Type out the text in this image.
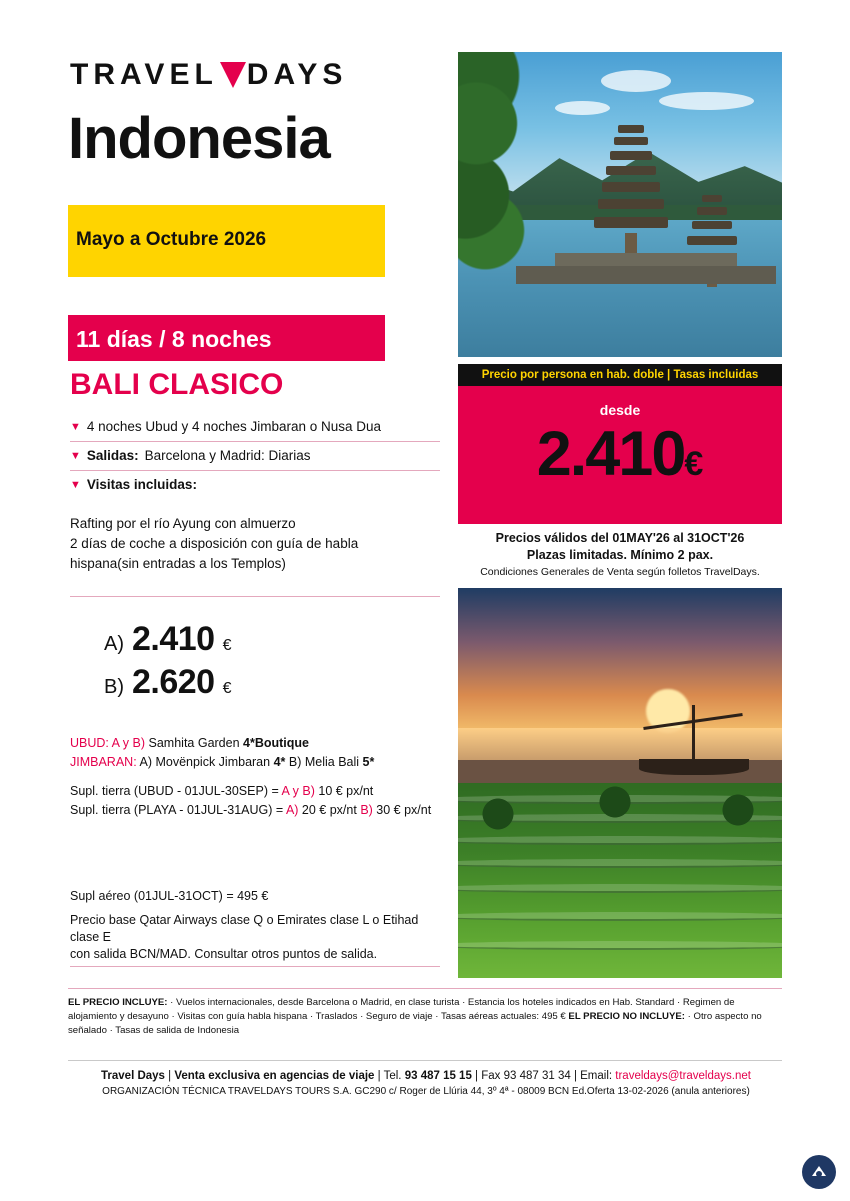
TRAVEL DAYS
Indonesia
Mayo a Octubre 2026
11 días / 8 noches
BALI CLASICO
▼ 4 noches Ubud y 4 noches Jimbaran o Nusa Dua
▼ Salidas: Barcelona y Madrid: Diarias
▼ Visitas incluidas:
Rafting por el río Ayung con almuerzo
2 días de coche a disposición con guía de habla
hispana(sin entradas a los Templos)
A) 2.410 €
B) 2.620 €
UBUD: A y B) Samhita Garden 4*Boutique
JIMBARAN: A) Movënpick Jimbaran 4* B) Melia Bali 5*
Supl. tierra (UBUD - 01JUL-30SEP) = A y B) 10 € px/nt
Supl. tierra (PLAYA - 01JUL-31AUG) = A) 20 € px/nt B) 30 € px/nt
Supl aéreo (01JUL-31OCT) = 495 €
Precio base Qatar Airways clase Q o Emirates clase L o Etihad clase E
con salida BCN/MAD. Consultar otros puntos de salida.
Precio por persona en hab. doble | Tasas incluidas
desde
2.410€
Precios válidos del 01MAY'26 al 31OCT'26
Plazas limitadas. Mínimo 2 pax.
Condiciones Generales de Venta según folletos TravelDays.
EL PRECIO INCLUYE: · Vuelos internacionales, desde Barcelona o Madrid, en clase turista · Estancia los hoteles indicados en Hab. Standard · Regimen de alojamiento y desayuno · Visitas con guía habla hispana · Traslados · Seguro de viaje · Tasas aéreas actuales: 495 € EL PRECIO NO INCLUYE: · Otro aspecto no señalado · Tasas de salida de Indonesia
Travel Days | Venta exclusiva en agencias de viaje | Tel. 93 487 15 15 | Fax 93 487 31 34 | Email: traveldays@traveldays.net
ORGANIZACIÓN TÉCNICA TRAVELDAYS TOURS S.A. GC290 c/ Roger de Llúria 44, 3º 4ª - 08009 BCN Ed.Oferta 13-02-2026 (anula anteriores)
